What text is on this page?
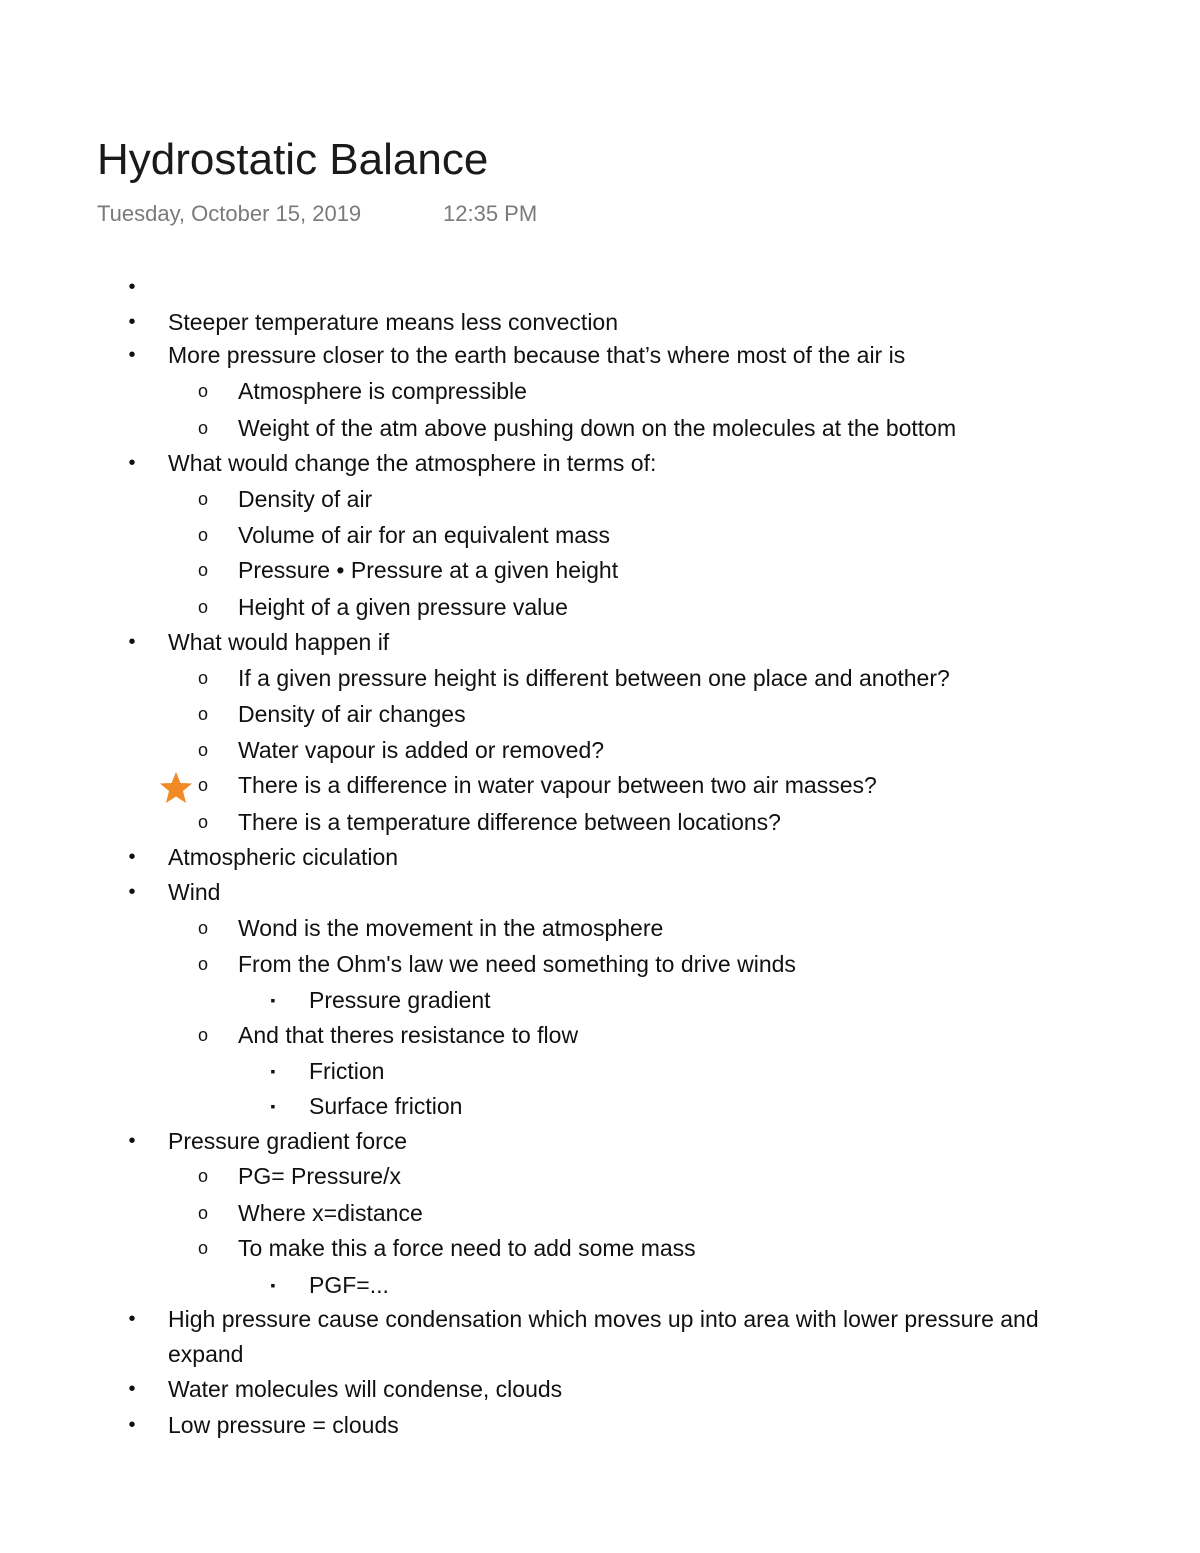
Hydrostatic Balance
Tuesday, October 15, 2019	12:35 PM
•
• Steeper temperature means less convection
• More pressure closer to the earth because that’s where most of the air is
o Atmosphere is compressible
o Weight of the atm above pushing down on the molecules at the bottom
• What would change the atmosphere in terms of:
o Density of air
o Volume of air for an equivalent mass
o Pressure • Pressure at a given height
o Height of a given pressure value
• What would happen if
o If a given pressure height is different between one place and another?
o Density of air changes
o Water vapour is added or removed?
o There is a difference in water vapour between two air masses?
o There is a temperature difference between locations?
• Atmospheric ciculation
• Wind
o Wond is the movement in the atmosphere
o From the Ohm's law we need something to drive winds
▪	Pressure gradient
o And that theres resistance to flow
▪	Friction
▪	Surface friction
• Pressure gradient force
o PG= Pressure/x
o Where x=distance
o To make this a force need to add some mass
▪	PGF=...
• High pressure cause condensation which moves up into area with lower pressure and
expand
• Water molecules will condense, clouds
• Low pressure = clouds
